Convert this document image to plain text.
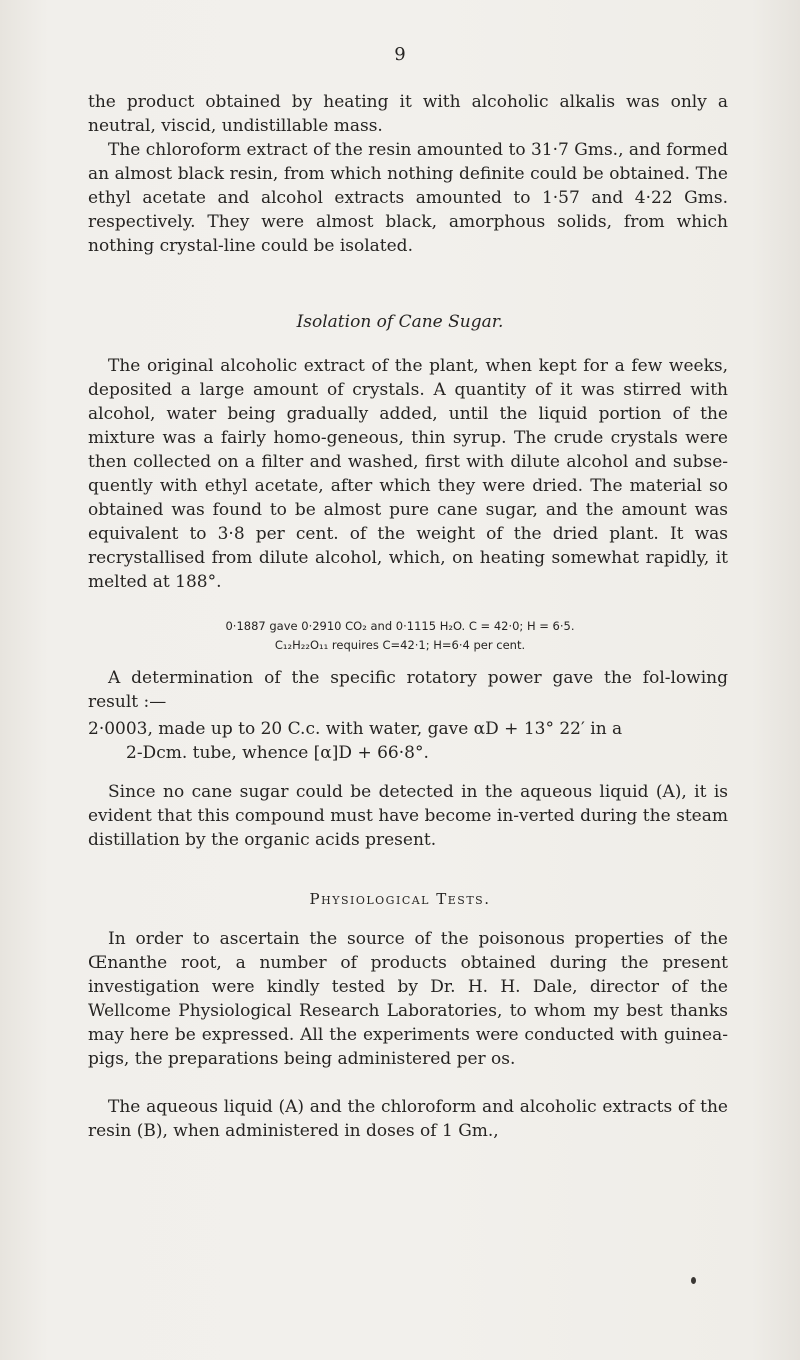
9

the product obtained by heating it with alcoholic alkalis was only a neutral, viscid, undistillable mass.

The chloroform extract of the resin amounted to 31·7 Gms., and formed an almost black resin, from which nothing definite could be obtained. The ethyl acetate and alcohol extracts amounted to 1·57 and 4·22 Gms. respectively. They were almost black, amorphous solids, from which nothing crystal-line could be isolated.

Isolation of Cane Sugar.

The original alcoholic extract of the plant, when kept for a few weeks, deposited a large amount of crystals. A quantity of it was stirred with alcohol, water being gradually added, until the liquid portion of the mixture was a fairly homo-geneous, thin syrup. The crude crystals were then collected on a filter and washed, first with dilute alcohol and subse-quently with ethyl acetate, after which they were dried. The material so obtained was found to be almost pure cane sugar, and the amount was equivalent to 3·8 per cent. of the weight of the dried plant. It was recrystallised from dilute alcohol, which, on heating somewhat rapidly, it melted at 188°.

0·1887 gave 0·2910 CO₂ and 0·1115 H₂O. C = 42·0; H = 6·5.
C₁₂H₂₂O₁₁ requires C=42·1; H=6·4 per cent.

A determination of the specific rotatory power gave the fol-lowing result :—

2·0003, made up to 20 C.c. with water, gave αD + 13° 22′ in a
2-Dcm. tube, whence [α]D + 66·8°.

Since no cane sugar could be detected in the aqueous liquid (A), it is evident that this compound must have become in-verted during the steam distillation by the organic acids present.

Physiological Tests.

In order to ascertain the source of the poisonous properties of the Œnanthe root, a number of products obtained during the present investigation were kindly tested by Dr. H. H. Dale, director of the Wellcome Physiological Research Laboratories, to whom my best thanks may here be expressed. All the experiments were conducted with guinea-pigs, the preparations being administered per os.

The aqueous liquid (A) and the chloroform and alcoholic extracts of the resin (B), when administered in doses of 1 Gm.,
